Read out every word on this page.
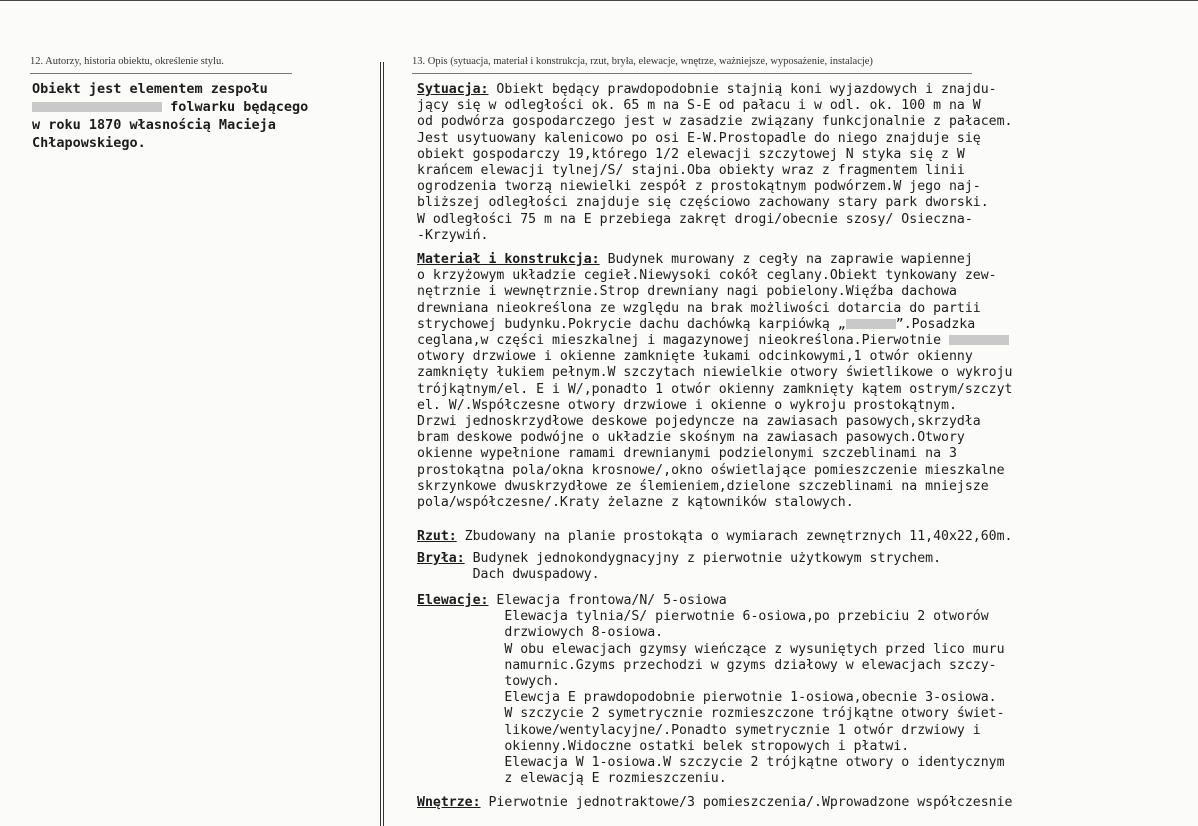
12. Autorzy, historia obiektu, określenie stylu.	13. Opis (sytuacja, materiał i konstrukcja, rzut, bryła, elewacje, wnętrze, ważniejsze, wyposażenie, instalacje)
Obiekt jest elementem zespołu
folwarku będącego
w roku 1870 własnością Macieja
Chłapowskiego.
Sytuacja: Obiekt będący prawdopodobnie stajnią koni wyjazdowych i znajdu-
jący się w odległości ok. 65 m na S-E od pałacu i w odl. ok. 100 m na W
od podwórza gospodarczego jest w zasadzie związany funkcjonalnie z pałacem.
Jest usytuowany kalenicowo po osi E-W.Prostopadle do niego znajduje się
obiekt gospodarczy 19,którego 1/2 elewacji szczytowej N styka się z W
krańcem elewacji tylnej/S/ stajni.Oba obiekty wraz z fragmentem linii
ogrodzenia tworzą niewielki zespół z prostokątnym podwórzem.W jego naj-
bliższej odległości znajduje się częściowo zachowany stary park dworski.
W odległości 75 m na E przebiega zakręt drogi/obecnie szosy/ Osieczna-
-Krzywiń.
Materiał i konstrukcja: Budynek murowany z cegły na zaprawie wapiennej
o krzyżowym układzie cegieł.Niewysoki cokół ceglany.Obiekt tynkowany zew-
nętrznie i wewnętrznie.Strop drewniany nagi pobielony.Więźba dachowa
drewniana nieokreślona ze względu na brak możliwości dotarcia do partii
strychowej budynku.Pokrycie dachu dachówką karpiówką „	”.Posadzka
ceglana,w części mieszkalnej i magazynowej nieokreślona.Pierwotnie
otwory drzwiowe i okienne zamknięte łukami odcinkowymi,1 otwór okienny
zamknięty łukiem pełnym.W szczytach niewielkie otwory świetlikowe o wykroju
trójkątnym/el. E i W/,ponadto 1 otwór okienny zamknięty kątem ostrym/szczyt
el. W/.Współczesne otwory drzwiowe i okienne o wykroju prostokątnym.
Drzwi jednoskrzydłowe deskowe pojedyncze na zawiasach pasowych,skrzydła
bram deskowe podwójne o układzie skośnym na zawiasach pasowych.Otwory
okienne wypełnione ramami drewnianymi podzielonymi szczeblinami na 3
prostokątna pola/okna krosnowe/,okno oświetlające pomieszczenie mieszkalne
skrzynkowe dwuskrzydłowe ze ślemieniem,dzielone szczeblinami na mniejsze
pola/współczesne/.Kraty żelazne z kątowników stalowych.
Rzut: Zbudowany na planie prostokąta o wymiarach zewnętrznych 11,40x22,60m.
Bryła: Budynek jednokondygnacyjny z pierwotnie użytkowym strychem.
Dach dwuspadowy.
Elewacje: Elewacja frontowa/N/ 5-osiowa
Elewacja tylnia/S/ pierwotnie 6-osiowa,po przebiciu 2 otworów
drzwiowych 8-osiowa.
W obu elewacjach gzymsy wieńczące z wysuniętych przed lico muru
namurnic.Gzyms przechodzi w gzyms działowy w elewacjach szczy-
towych.
Elewcja E prawdopodobnie pierwotnie 1-osiowa,obecnie 3-osiowa.
W szczycie 2 symetrycznie rozmieszczone trójkątne otwory świet-
likowe/wentylacyjne/.Ponadto symetrycznie 1 otwór drzwiowy i
okienny.Widoczne ostatki belek stropowych i płatwi.
Elewacja W 1-osiowa.W szczycie 2 trójkątne otwory o identycznym
z elewacją E rozmieszczeniu.
Wnętrze: Pierwotnie jednotraktowe/3 pomieszczenia/.Wprowadzone współczesnie
